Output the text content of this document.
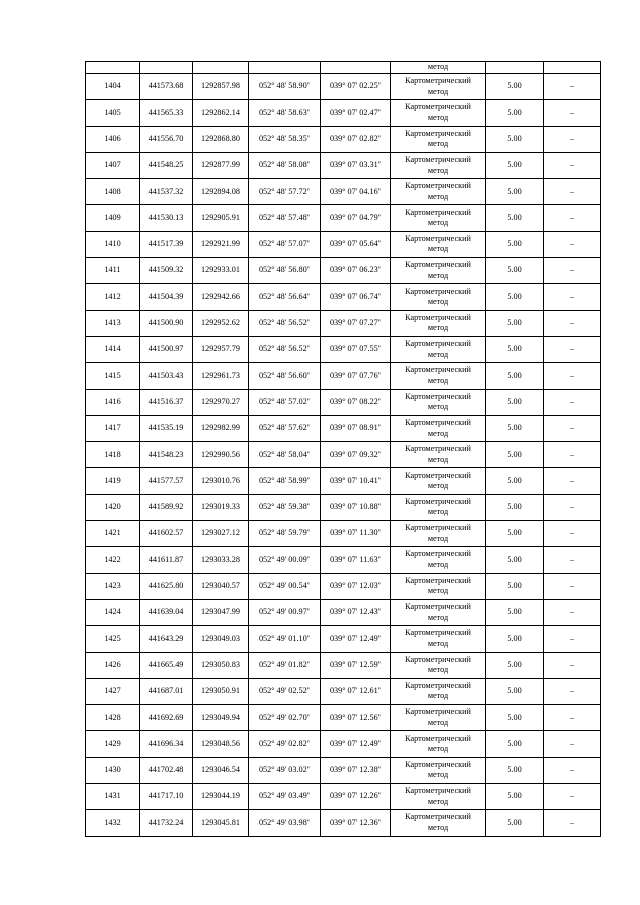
					метод		
1404	441573.68	1292857.98	052° 48' 58.90"	039° 07' 02.25"	Картометрический
метод	5.00	–
1405	441565.33	1292862.14	052° 48' 58.63"	039° 07' 02.47"	Картометрический
метод	5.00	–
1406	441556.70	1292868.80	052° 48' 58.35"	039° 07' 02.82"	Картометрический
метод	5.00	–
1407	441548.25	1292877.99	052° 48' 58.08"	039° 07' 03.31"	Картометрический
метод	5.00	–
1408	441537.32	1292894.08	052° 48' 57.72"	039° 07' 04.16"	Картометрический
метод	5.00	–
1409	441530.13	1292905.91	052° 48' 57.48"	039° 07' 04.79"	Картометрический
метод	5.00	–
1410	441517.39	1292921.99	052° 48' 57.07"	039° 07' 05.64"	Картометрический
метод	5.00	–
1411	441509.32	1292933.01	052° 48' 56.80"	039° 07' 06.23"	Картометрический
метод	5.00	–
1412	441504.39	1292942.66	052° 48' 56.64"	039° 07' 06.74"	Картометрический
метод	5.00	–
1413	441500.90	1292952.62	052° 48' 56.52"	039° 07' 07.27"	Картометрический
метод	5.00	–
1414	441500.97	1292957.79	052° 48' 56.52"	039° 07' 07.55"	Картометрический
метод	5.00	–
1415	441503.43	1292961.73	052° 48' 56.60"	039° 07' 07.76"	Картометрический
метод	5.00	–
1416	441516.37	1292970.27	052° 48' 57.02"	039° 07' 08.22"	Картометрический
метод	5.00	–
1417	441535.19	1292982.99	052° 48' 57.62"	039° 07' 08.91"	Картометрический
метод	5.00	–
1418	441548.23	1292990.56	052° 48' 58.04"	039° 07' 09.32"	Картометрический
метод	5.00	–
1419	441577.57	1293010.76	052° 48' 58.99"	039° 07' 10.41"	Картометрический
метод	5.00	–
1420	441589.92	1293019.33	052° 48' 59.38"	039° 07' 10.88"	Картометрический
метод	5.00	–
1421	441602.57	1293027.12	052° 48' 59.79"	039° 07' 11.30"	Картометрический
метод	5.00	–
1422	441611.87	1293033.28	052° 49' 00.09"	039° 07' 11.63"	Картометрический
метод	5.00	–
1423	441625.80	1293040.57	052° 49' 00.54"	039° 07' 12.03"	Картометрический
метод	5.00	–
1424	441639.04	1293047.99	052° 49' 00.97"	039° 07' 12.43"	Картометрический
метод	5.00	–
1425	441643.29	1293049.03	052° 49' 01.10"	039° 07' 12.49"	Картометрический
метод	5.00	–
1426	441665.49	1293050.83	052° 49' 01.82"	039° 07' 12.59"	Картометрический
метод	5.00	–
1427	441687.01	1293050.91	052° 49' 02.52"	039° 07' 12.61"	Картометрический
метод	5.00	–
1428	441692.69	1293049.94	052° 49' 02.70"	039° 07' 12.56"	Картометрический
метод	5.00	–
1429	441696.34	1293048.56	052° 49' 02.82"	039° 07' 12.49"	Картометрический
метод	5.00	–
1430	441702.48	1293046.54	052° 49' 03.02"	039° 07' 12.38"	Картометрический
метод	5.00	–
1431	441717.10	1293044.19	052° 49' 03.49"	039° 07' 12.26"	Картометрический
метод	5.00	–
1432	441732.24	1293045.81	052° 49' 03.98"	039° 07' 12.36"	Картометрический
метод	5.00	–
